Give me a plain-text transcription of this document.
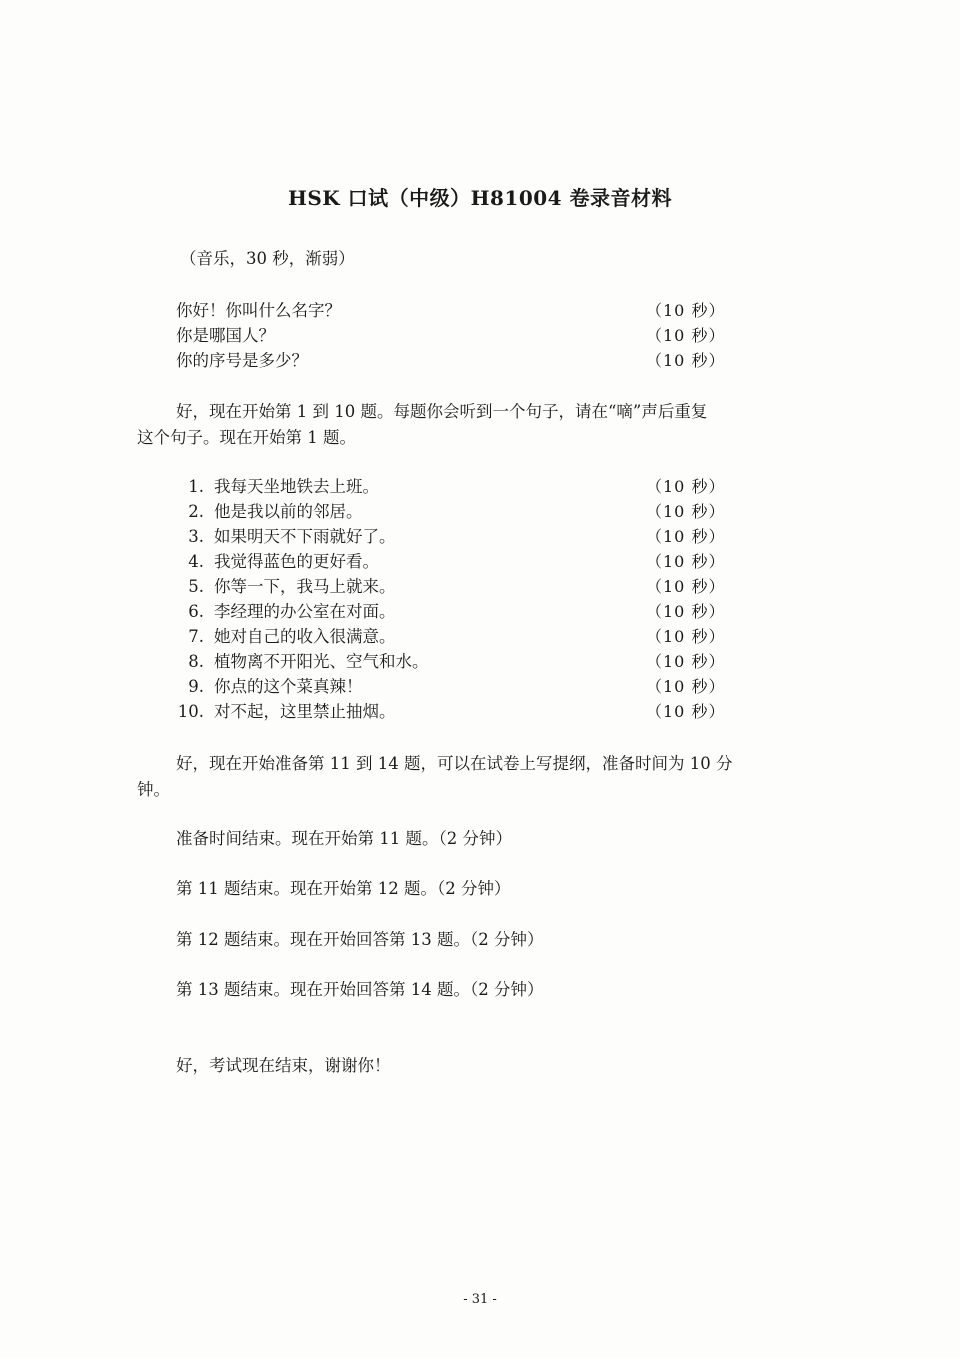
HSK 口试（中级）H81004 卷录音材料
（音乐，30 秒，渐弱）
你好！你叫什么名字？	（10 秒）
你是哪国人？	（10 秒）
你的序号是多少？	（10 秒）
好，现在开始第 1 到 10 题。每题你会听到一个句子，请在“嘀”声后重复
这个句子。现在开始第 1 题。
1. 我每天坐地铁去上班。	（10 秒）
2. 他是我以前的邻居。	（10 秒）
3. 如果明天不下雨就好了。	（10 秒）
4. 我觉得蓝色的更好看。	（10 秒）
5. 你等一下，我马上就来。	（10 秒）
6. 李经理的办公室在对面。	（10 秒）
7. 她对自己的收入很满意。	（10 秒）
8. 植物离不开阳光、空气和水。	（10 秒）
9. 你点的这个菜真辣！	（10 秒）
10. 对不起，这里禁止抽烟。	（10 秒）
好，现在开始准备第 11 到 14 题，可以在试卷上写提纲，准备时间为 10 分
钟。
准备时间结束。现在开始第 11 题。（2 分钟）
第 11 题结束。现在开始第 12 题。（2 分钟）
第 12 题结束。现在开始回答第 13 题。（2 分钟）
第 13 题结束。现在开始回答第 14 题。（2 分钟）
好，考试现在结束，谢谢你！
- 31 -
